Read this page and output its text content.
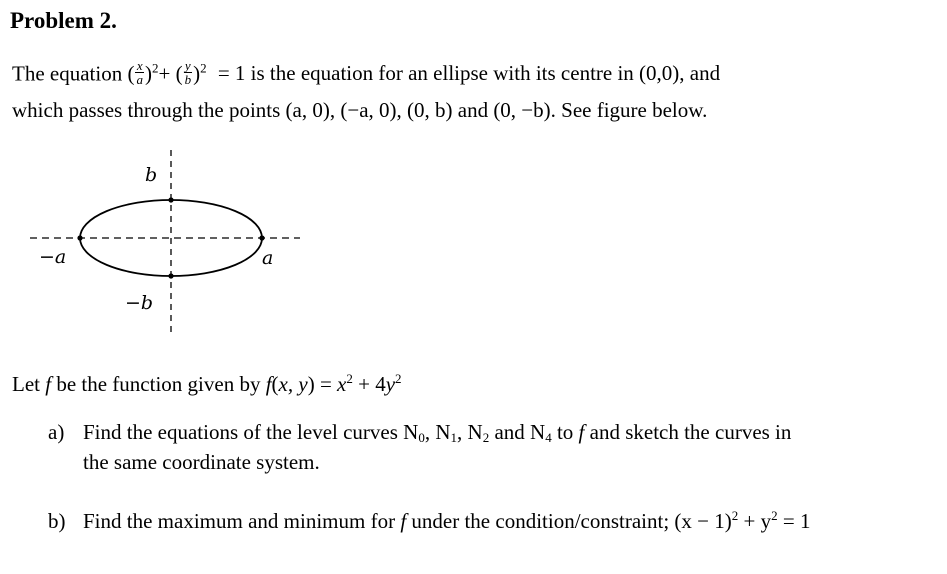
Problem 2.
The equation ( $\frac{x}{a} )^2+$ ( $\frac{y}{b} )^2 = 1$ is the equation for an ellipse with its centre in (0,0), and
which passes through the points (a, 0), (−a, 0), (0, b) and (0, −b). See figure below.
b
−b
a
−a
Let f be the function given by f(x, $y) = x^2 + 4y^2$
a) Find the equations of the level curves $N_0$, $N_1$, $N_2$ and $N_4$ to f and sketch the curves in
the same coordinate system.
b) Find the maximum and minimum for f under the condition/constraint; $(x - 1)^2 + y^2 = 1$
